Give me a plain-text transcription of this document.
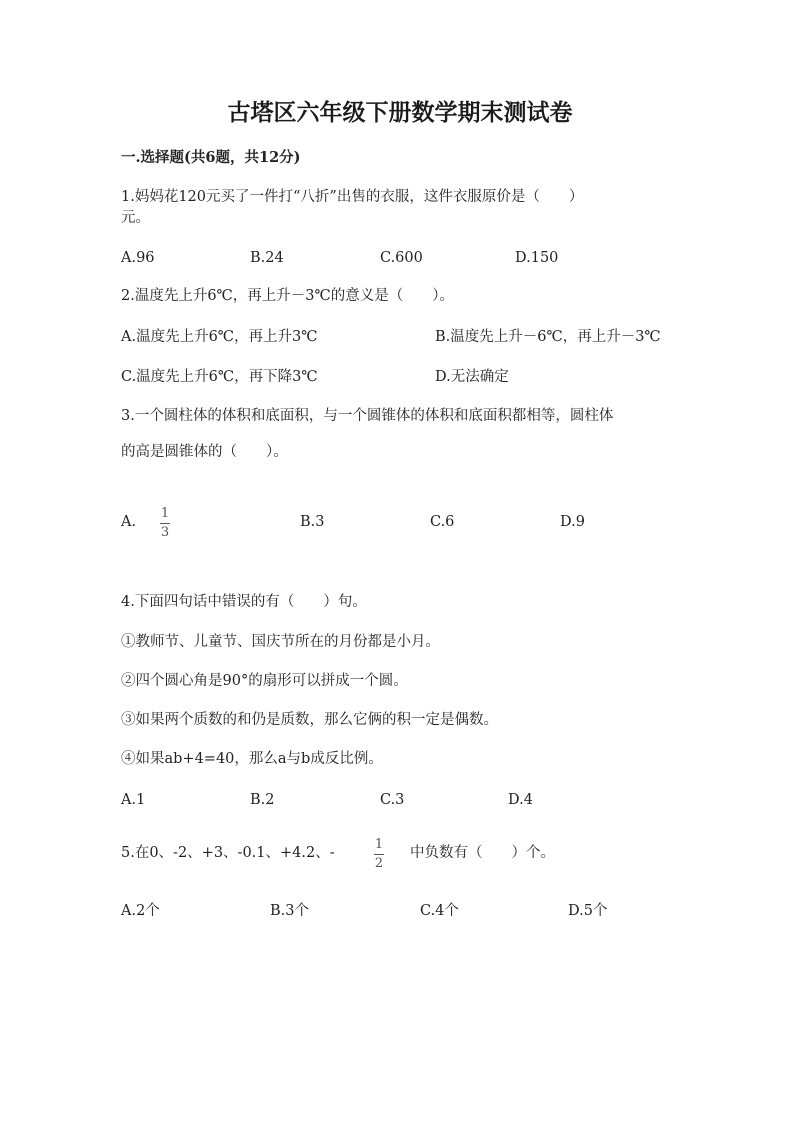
古塔区六年级下册数学期末测试卷
一.选择题(共6题，共12分)
1.妈妈花120元买了一件打“八折”出售的衣服，这件衣服原价是（　　）
元。
A.96	B.24	C.600	D.150
2.温度先上升6℃，再上升－3℃的意义是（　　）。
A.温度先上升6℃，再上升3℃	B.温度先上升－6℃，再上升－3℃
C.温度先上升6℃，再下降3℃	D.无法确定
3.一个圆柱体的体积和底面积，与一个圆锥体的体积和底面积都相等，圆柱体
的高是圆锥体的（　　）。
A.
1
3
B.3	C.6	D.9
4.下面四句话中错误的有（　　）句。
①教师节、儿童节、国庆节所在的月份都是小月。
②四个圆心角是90°的扇形可以拼成一个圆。
③如果两个质数的和仍是质数，那么它俩的积一定是偶数。
④如果ab+4=40，那么a与b成反比例。
A.1	B.2	C.3	D.4
5.在0、-2、+3、-0.1、+4.2、-
1
2
中负数有（　　）个。
A.2个	B.3个	C.4个	D.5个
